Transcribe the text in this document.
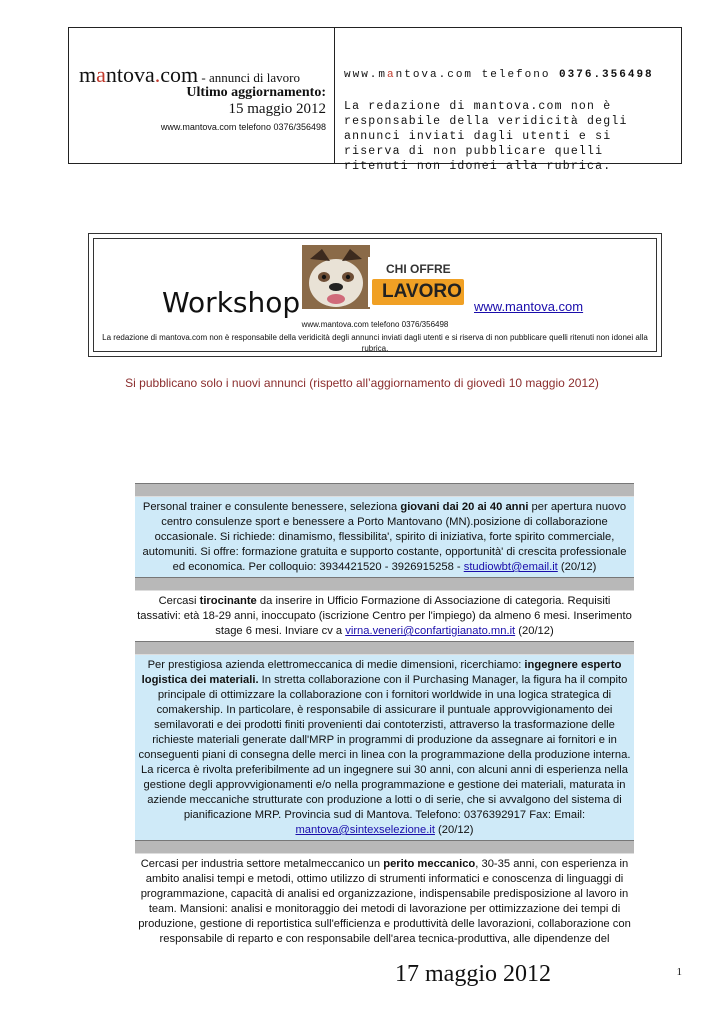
mantova.com - annunci di lavoro
Ultimo aggiornamento:
15 maggio 2012
www.mantova.com telefono 0376/356498
www.mantova.com telefono 0376.356498
La redazione di mantova.com non è responsabile della veridicità degli annunci inviati dagli utenti e si riserva di non pubblicare quelli ritenuti non idonei alla rubrica.
Workshop
CHI OFFRE
LAVORO
www.mantova.com
www.mantova.com telefono 0376/356498
La redazione di mantova.com non è responsabile della veridicità degli annunci inviati dagli utenti e si riserva di non pubblicare quelli ritenuti non idonei alla rubrica.
Si pubblicano solo i nuovi annunci (rispetto all’aggiornamento di giovedì 10 maggio 2012)
Personal trainer e consulente benessere, seleziona giovani dai 20 ai 40 anni per apertura nuovo centro consulenze sport e benessere a Porto Mantovano (MN).posizione di collaborazione occasionale. Si richiede: dinamismo, flessibilita', spirito di iniziativa, forte spirito commerciale, automuniti. Si offre: formazione gratuita e supporto costante, opportunità' di crescita professionale ed economica. Per colloquio: 3934421520 - 3926915258 - studiowbt@email.it (20/12)
Cercasi tirocinante da inserire in Ufficio Formazione di Associazione di categoria. Requisiti tassativi: età 18-29 anni, inoccupato (iscrizione Centro per l'impiego) da almeno 6 mesi. Inserimento stage 6 mesi. Inviare cv a virna.veneri@confartigianato.mn.it (20/12)
Per prestigiosa azienda elettromeccanica di medie dimensioni, ricerchiamo: ingegnere esperto logistica dei materiali. In stretta collaborazione con il Purchasing Manager, la figura ha il compito principale di ottimizzare la collaborazione con i fornitori worldwide in una logica strategica di comakership. In particolare, è responsabile di assicurare il puntuale approvvigionamento dei semilavorati e dei prodotti finiti provenienti dai contoterzisti, attraverso la trasformazione delle richieste materiali generate dall'MRP in programmi di produzione da assegnare ai fornitori e in conseguenti piani di consegna delle merci in linea con la programmazione della produzione interna. La ricerca è rivolta preferibilmente ad un ingegnere sui 30 anni, con alcuni anni di esperienza nella gestione degli approvvigionamenti e/o nella programmazione e gestione dei materiali, maturata in aziende meccaniche strutturate con produzione a lotti o di serie, che si avvalgono del sistema di pianificazione MRP. Provincia sud di Mantova. Telefono: 0376392917 Fax: Email: mantova@sintexselezione.it (20/12)
Cercasi per industria settore metalmeccanico un perito meccanico, 30-35 anni, con esperienza in ambito analisi tempi e metodi, ottimo utilizzo di strumenti informatici e conoscenza di linguaggi di programmazione, capacità di analisi ed organizzazione, indispensabile predisposizione al lavoro in team. Mansioni: analisi e monitoraggio dei metodi di lavorazione per ottimizzazione dei tempi di produzione, gestione di reportistica sull'efficienza e produttività delle lavorazioni, collaborazione con responsabile di reparto e con responsabile dell'area tecnica-produttiva, alle dipendenze del
17 maggio 2012	1
